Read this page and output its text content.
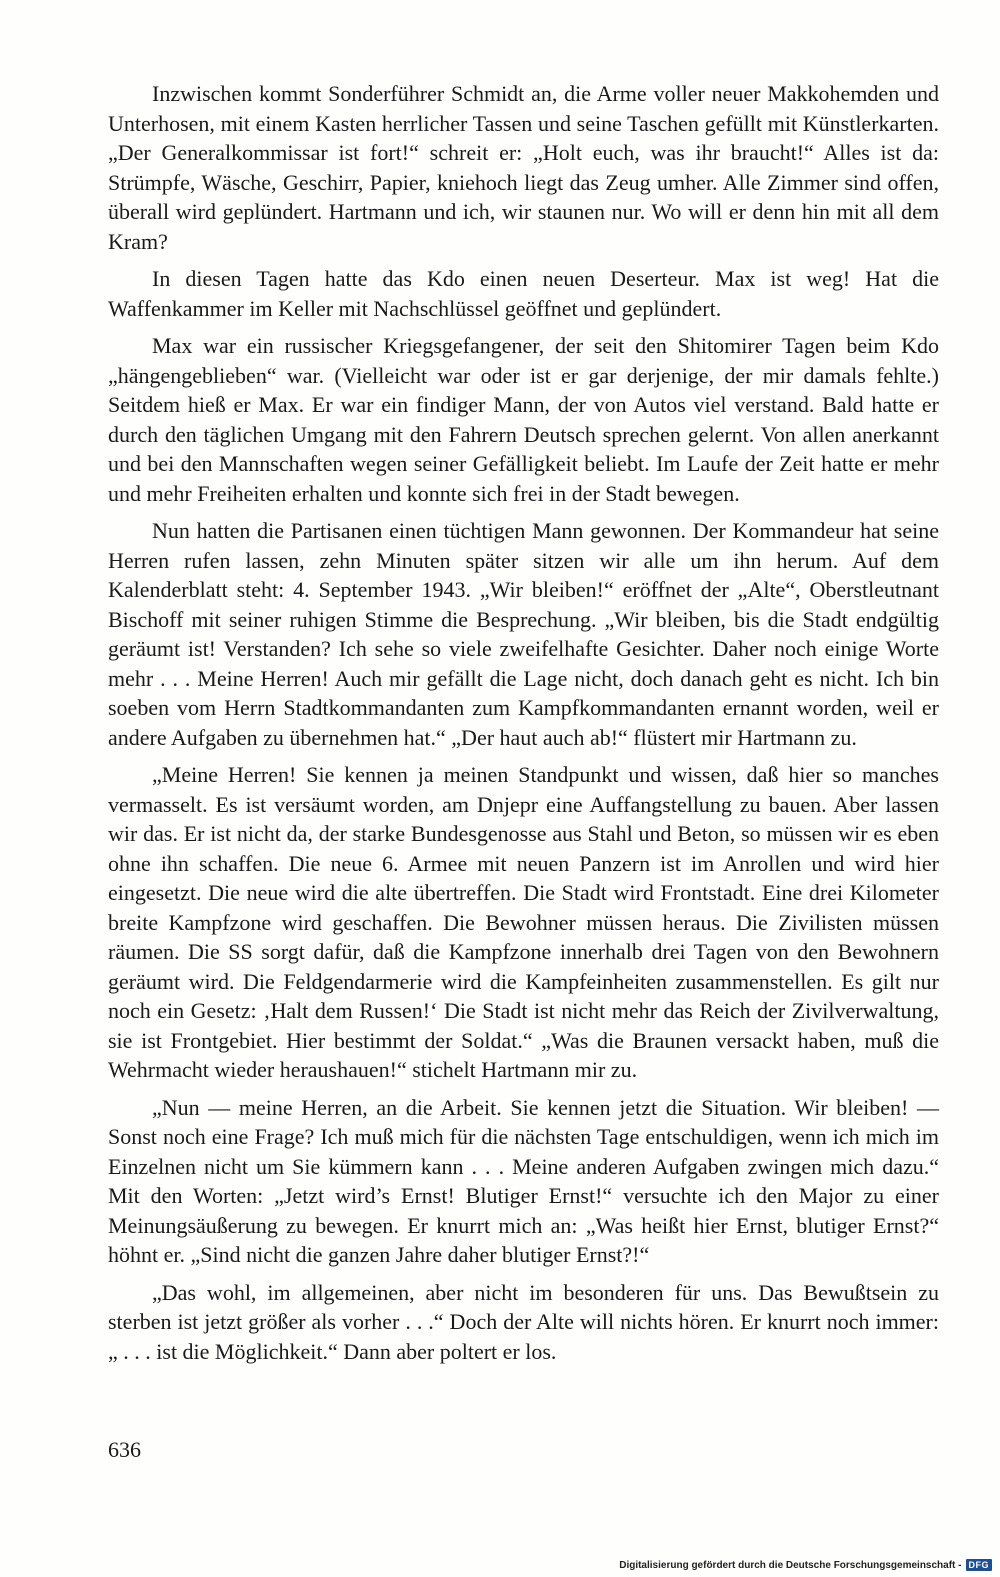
Inzwischen kommt Sonderführer Schmidt an, die Arme voller neuer Makkohemden und Unterhosen, mit einem Kasten herrlicher Tassen und seine Taschen gefüllt mit Künstlerkarten. „Der Generalkommissar ist fort!“ schreit er: „Holt euch, was ihr braucht!“ Alles ist da: Strümpfe, Wäsche, Geschirr, Papier, kniehoch liegt das Zeug umher. Alle Zimmer sind offen, überall wird geplündert. Hartmann und ich, wir staunen nur. Wo will er denn hin mit all dem Kram?

In diesen Tagen hatte das Kdo einen neuen Deserteur. Max ist weg! Hat die Waffenkammer im Keller mit Nachschlüssel geöffnet und geplündert.

Max war ein russischer Kriegsgefangener, der seit den Shitomirer Tagen beim Kdo „hängengeblieben“ war. (Vielleicht war oder ist er gar derjenige, der mir damals fehlte.) Seitdem hieß er Max. Er war ein findiger Mann, der von Autos viel verstand. Bald hatte er durch den täglichen Umgang mit den Fahrern Deutsch sprechen gelernt. Von allen anerkannt und bei den Mannschaften wegen seiner Gefälligkeit beliebt. Im Laufe der Zeit hatte er mehr und mehr Freiheiten erhalten und konnte sich frei in der Stadt bewegen.

Nun hatten die Partisanen einen tüchtigen Mann gewonnen. Der Kommandeur hat seine Herren rufen lassen, zehn Minuten später sitzen wir alle um ihn herum. Auf dem Kalenderblatt steht: 4. September 1943. „Wir bleiben!“ eröffnet der „Alte“, Oberstleutnant Bischoff mit seiner ruhigen Stimme die Besprechung. „Wir bleiben, bis die Stadt endgültig geräumt ist! Verstanden? Ich sehe so viele zweifelhafte Gesichter. Daher noch einige Worte mehr . . . Meine Herren! Auch mir gefällt die Lage nicht, doch danach geht es nicht. Ich bin soeben vom Herrn Stadtkommandanten zum Kampfkommandanten ernannt worden, weil er andere Aufgaben zu übernehmen hat.“ „Der haut auch ab!“ flüstert mir Hartmann zu.

„Meine Herren! Sie kennen ja meinen Standpunkt und wissen, daß hier so manches vermasselt. Es ist versäumt worden, am Dnjepr eine Auffangstellung zu bauen. Aber lassen wir das. Er ist nicht da, der starke Bundesgenosse aus Stahl und Beton, so müssen wir es eben ohne ihn schaffen. Die neue 6. Armee mit neuen Panzern ist im Anrollen und wird hier eingesetzt. Die neue wird die alte übertreffen. Die Stadt wird Frontstadt. Eine drei Kilometer breite Kampfzone wird geschaffen. Die Bewohner müssen heraus. Die Zivilisten müssen räumen. Die SS sorgt dafür, daß die Kampfzone innerhalb drei Tagen von den Bewohnern geräumt wird. Die Feldgendarmerie wird die Kampfeinheiten zusammenstellen. Es gilt nur noch ein Gesetz: ‚Halt dem Russen!‘ Die Stadt ist nicht mehr das Reich der Zivilverwaltung, sie ist Frontgebiet. Hier bestimmt der Soldat.“ „Was die Braunen versackt haben, muß die Wehrmacht wieder heraushauen!“ stichelt Hartmann mir zu.

„Nun — meine Herren, an die Arbeit. Sie kennen jetzt die Situation. Wir bleiben! — Sonst noch eine Frage? Ich muß mich für die nächsten Tage entschuldigen, wenn ich mich im Einzelnen nicht um Sie kümmern kann . . . Meine anderen Aufgaben zwingen mich dazu.“ Mit den Worten: „Jetzt wird’s Ernst! Blutiger Ernst!“ versuchte ich den Major zu einer Meinungsäußerung zu bewegen. Er knurrt mich an: „Was heißt hier Ernst, blutiger Ernst?“ höhnt er. „Sind nicht die ganzen Jahre daher blutiger Ernst?!“

„Das wohl, im allgemeinen, aber nicht im besonderen für uns. Das Bewußtsein zu sterben ist jetzt größer als vorher . . .“ Doch der Alte will nichts hören. Er knurrt noch immer: „ . . . ist die Möglichkeit.“ Dann aber poltert er los.

636
Digitalisierung gefördert durch die Deutsche Forschungsgemeinschaft - DFG
